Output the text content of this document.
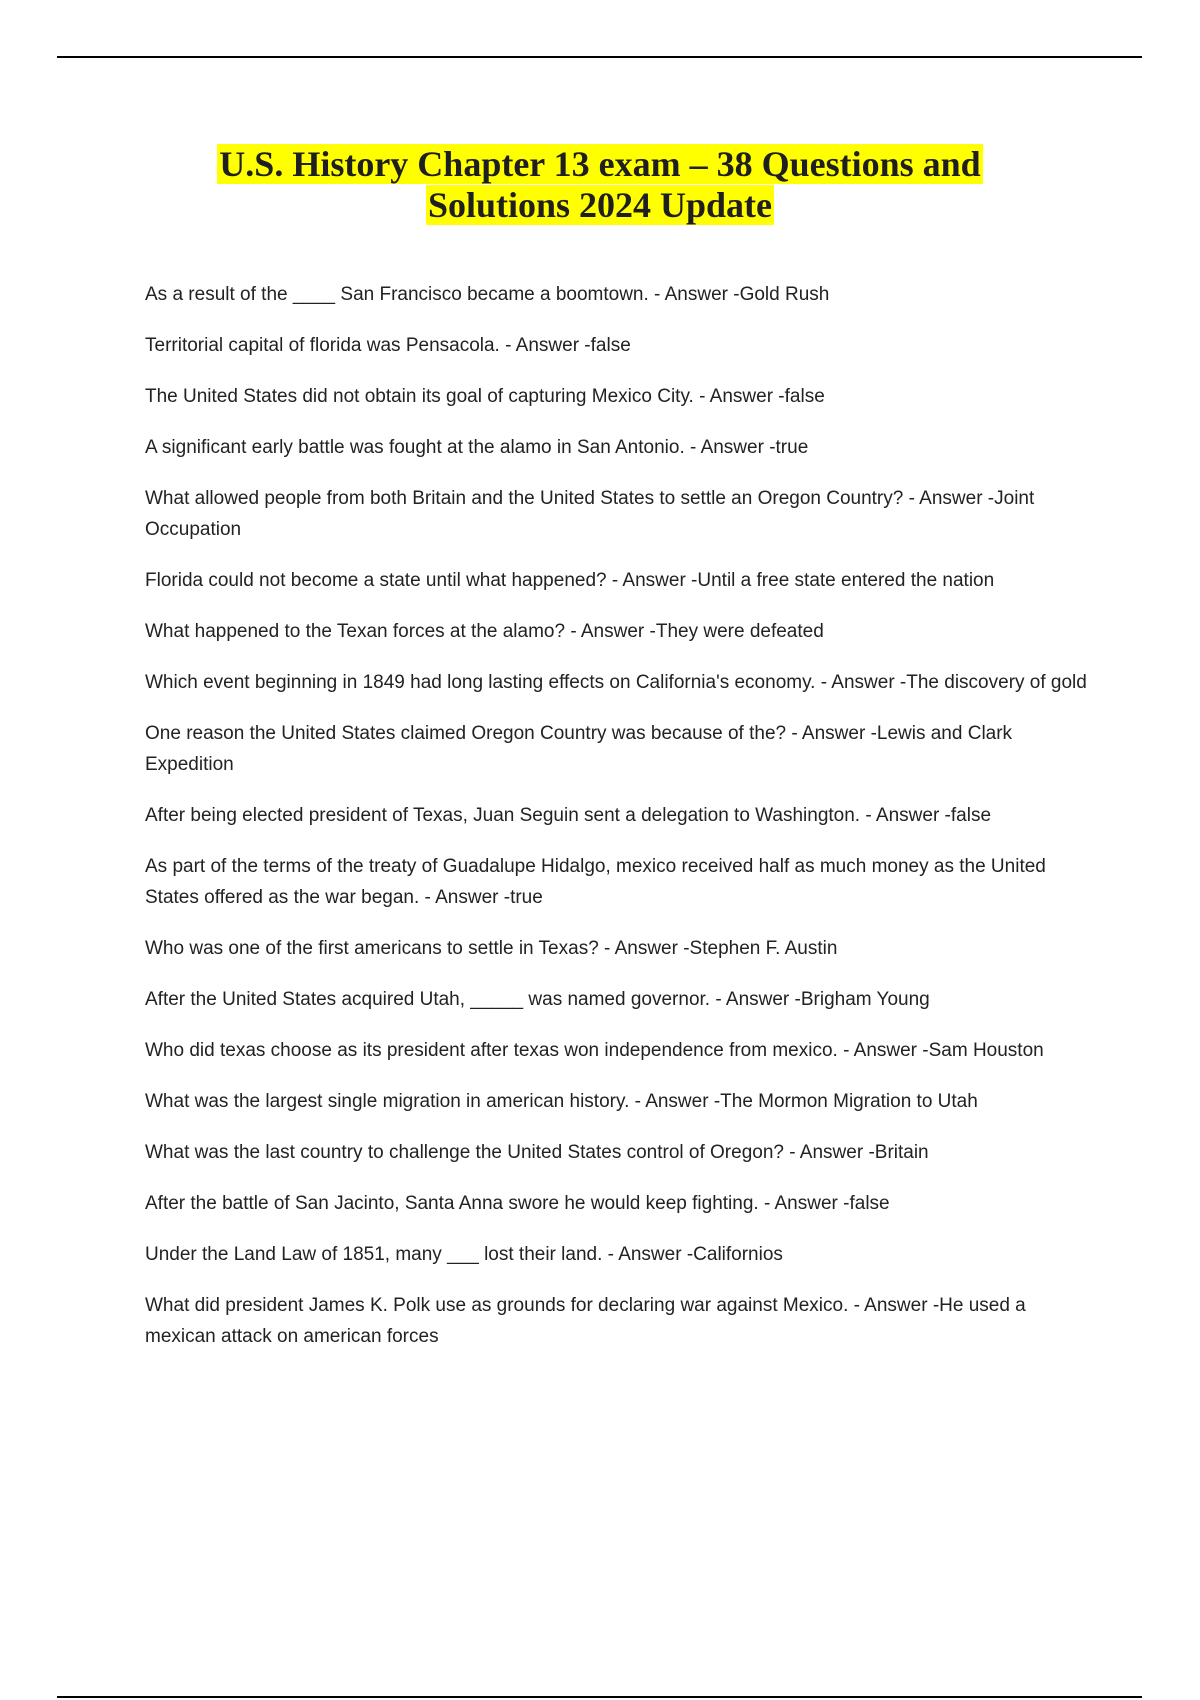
U.S. History Chapter 13 exam – 38 Questions and Solutions 2024 Update
As a result of the ____ San Francisco became a boomtown. - Answer -Gold Rush
Territorial capital of florida was Pensacola. - Answer -false
The United States did not obtain its goal of capturing Mexico City. - Answer -false
A significant early battle was fought at the alamo in San Antonio. - Answer -true
What allowed people from both Britain and the United States to settle an Oregon Country? - Answer -Joint Occupation
Florida could not become a state until what happened? - Answer -Until a free state entered the nation
What happened to the Texan forces at the alamo? - Answer -They were defeated
Which event beginning in 1849 had long lasting effects on California's economy. - Answer -The discovery of gold
One reason the United States claimed Oregon Country was because of the? - Answer -Lewis and Clark Expedition
After being elected president of Texas, Juan Seguin sent a delegation to Washington. - Answer -false
As part of the terms of the treaty of Guadalupe Hidalgo, mexico received half as much money as the United States offered as the war began. - Answer -true
Who was one of the first americans to settle in Texas? - Answer -Stephen F. Austin
After the United States acquired Utah, _____ was named governor. - Answer -Brigham Young
Who did texas choose as its president after texas won independence from mexico. - Answer -Sam Houston
What was the largest single migration in american history. - Answer -The Mormon Migration to Utah
What was the last country to challenge the United States control of Oregon? - Answer -Britain
After the battle of San Jacinto, Santa Anna swore he would keep fighting. - Answer -false
Under the Land Law of 1851, many ___ lost their land. - Answer -Californios
What did president James K. Polk use as grounds for declaring war against Mexico. - Answer -He used a mexican attack on american forces
